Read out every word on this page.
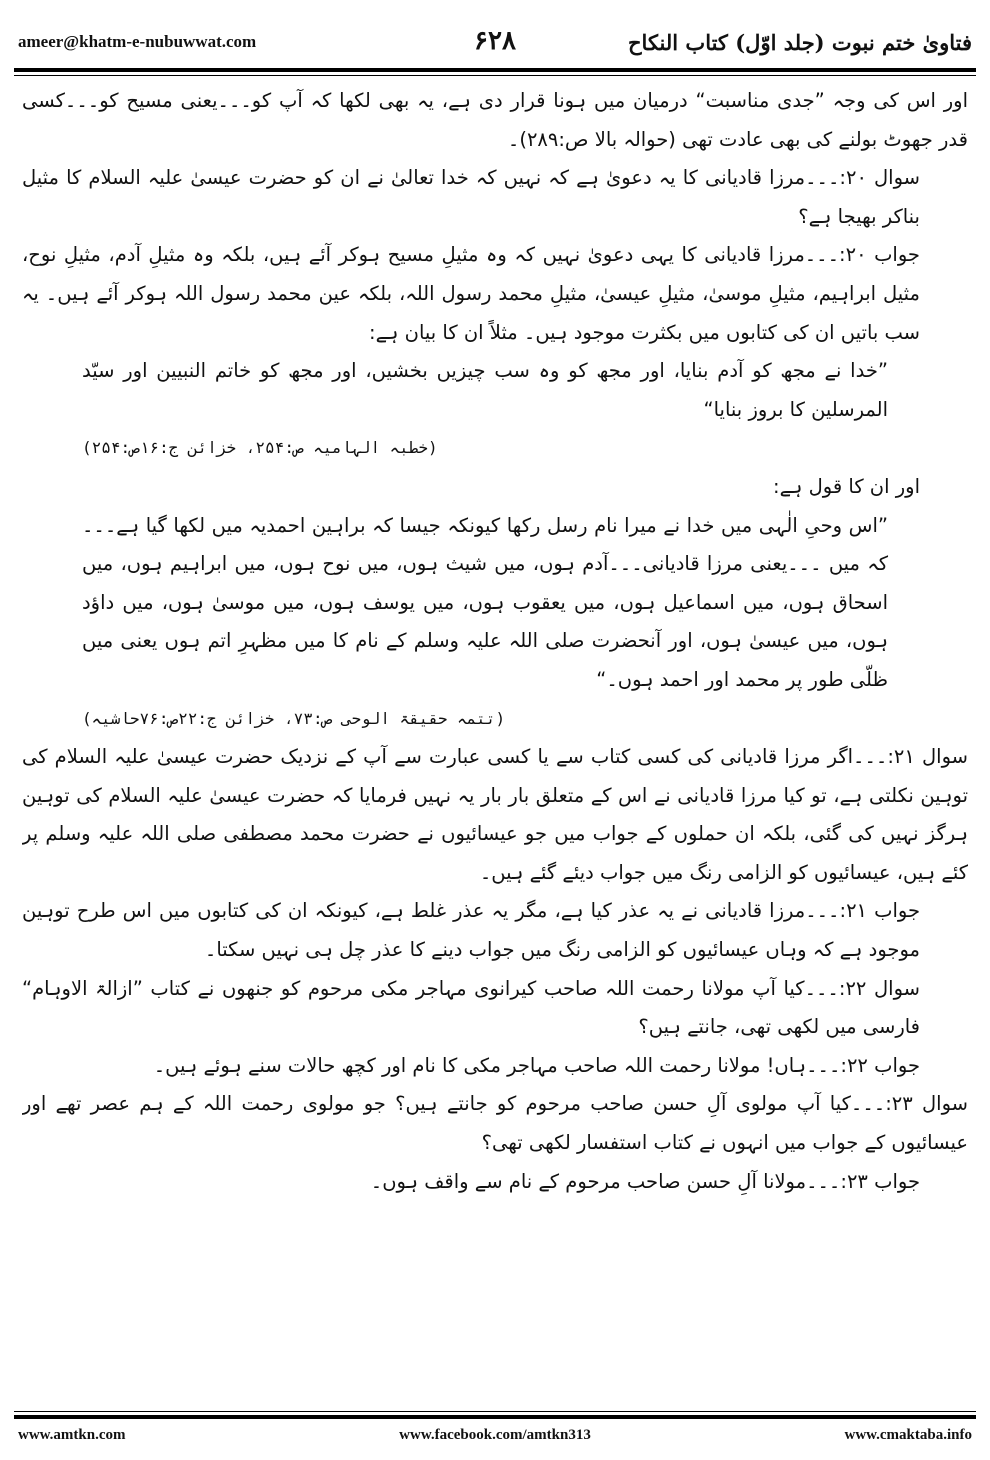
ameer@khatm-e-nubuwwat.com	۶۲۸	فتاویٰ ختم نبوت (جلد اوّل) کتاب النکاح

اور اس کی وجہ ”جدی مناسبت“ درمیان میں ہونا قرار دی ہے، یہ بھی لکھا کہ آپ کو۔۔۔یعنی مسیح کو۔۔۔کسی قدر جھوٹ بولنے کی بھی عادت تھی (حوالہ بالا ص:۲۸۹)۔

سوال ۲۰:۔۔۔مرزا قادیانی کا یہ دعویٰ ہے کہ نہیں کہ خدا تعالیٰ نے ان کو حضرت عیسیٰ علیہ السلام کا مثیل بناکر بھیجا ہے؟

جواب ۲۰:۔۔۔مرزا قادیانی کا یہی دعویٰ نہیں کہ وہ مثیلِ مسیح ہوکر آئے ہیں، بلکہ وہ مثیلِ آدم، مثیلِ نوح، مثیل ابراہیم، مثیلِ موسیٰ، مثیلِ عیسیٰ، مثیلِ محمد رسول اللہ، بلکہ عین محمد رسول اللہ ہوکر آئے ہیں۔ یہ سب باتیں ان کی کتابوں میں بکثرت موجود ہیں۔ مثلاً ان کا بیان ہے:

”خدا نے مجھ کو آدم بنایا، اور مجھ کو وہ سب چیزیں بخشیں، اور مجھ کو خاتم النبیین اور سیّد المرسلین کا بروز بنایا“

(خطبہ الہامیہ ص:۲۵۴، خزائن ج:۱۶ص:۲۵۴)

اور ان کا قول ہے:

”اس وحیِ الٰہی میں خدا نے میرا نام رسل رکھا کیونکہ جیسا کہ براہین احمدیہ میں لکھا گیا ہے۔۔۔کہ میں ۔۔۔یعنی مرزا قادیانی۔۔۔آدم ہوں، میں شیث ہوں، میں نوح ہوں، میں ابراہیم ہوں، میں اسحاق ہوں، میں اسماعیل ہوں، میں یعقوب ہوں، میں یوسف ہوں، میں موسیٰ ہوں، میں داؤد ہوں، میں عیسیٰ ہوں، اور آنحضرت صلی اللہ علیہ وسلم کے نام کا میں مظہرِ اتم ہوں یعنی میں ظلّی طور پر محمد اور احمد ہوں۔“

(تتمہ حقیقۃ الوحی ص:۷۳، خزائن ج:۲۲ص:۷۶حاشیہ)

سوال ۲۱:۔۔۔اگر مرزا قادیانی کی کسی کتاب سے یا کسی عبارت سے آپ کے نزدیک حضرت عیسیٰ علیہ السلام کی توہین نکلتی ہے، تو کیا مرزا قادیانی نے اس کے متعلق بار بار یہ نہیں فرمایا کہ حضرت عیسیٰ علیہ السلام کی توہین ہرگز نہیں کی گئی، بلکہ ان حملوں کے جواب میں جو عیسائیوں نے حضرت محمد مصطفی صلی اللہ علیہ وسلم پر کئے ہیں، عیسائیوں کو الزامی رنگ میں جواب دیئے گئے ہیں۔

جواب ۲۱:۔۔۔مرزا قادیانی نے یہ عذر کیا ہے، مگر یہ عذر غلط ہے، کیونکہ ان کی کتابوں میں اس طرح توہین موجود ہے کہ وہاں عیسائیوں کو الزامی رنگ میں جواب دینے کا عذر چل ہی نہیں سکتا۔

سوال ۲۲:۔۔۔کیا آپ مولانا رحمت اللہ صاحب کیرانوی مہاجر مکی مرحوم کو جنھوں نے کتاب ”ازالۃ الاوہام“ فارسی میں لکھی تھی، جانتے ہیں؟

جواب ۲۲:۔۔۔ہاں! مولانا رحمت اللہ صاحب مہاجر مکی کا نام اور کچھ حالات سنے ہوئے ہیں۔

سوال ۲۳:۔۔۔کیا آپ مولوی آلِ حسن صاحب مرحوم کو جانتے ہیں؟ جو مولوی رحمت اللہ کے ہم عصر تھے اور عیسائیوں کے جواب میں انہوں نے کتاب استفسار لکھی تھی؟

جواب ۲۳:۔۔۔مولانا آلِ حسن صاحب مرحوم کے نام سے واقف ہوں۔

www.amtkn.com	www.facebook.com/amtkn313	www.cmaktaba.info
